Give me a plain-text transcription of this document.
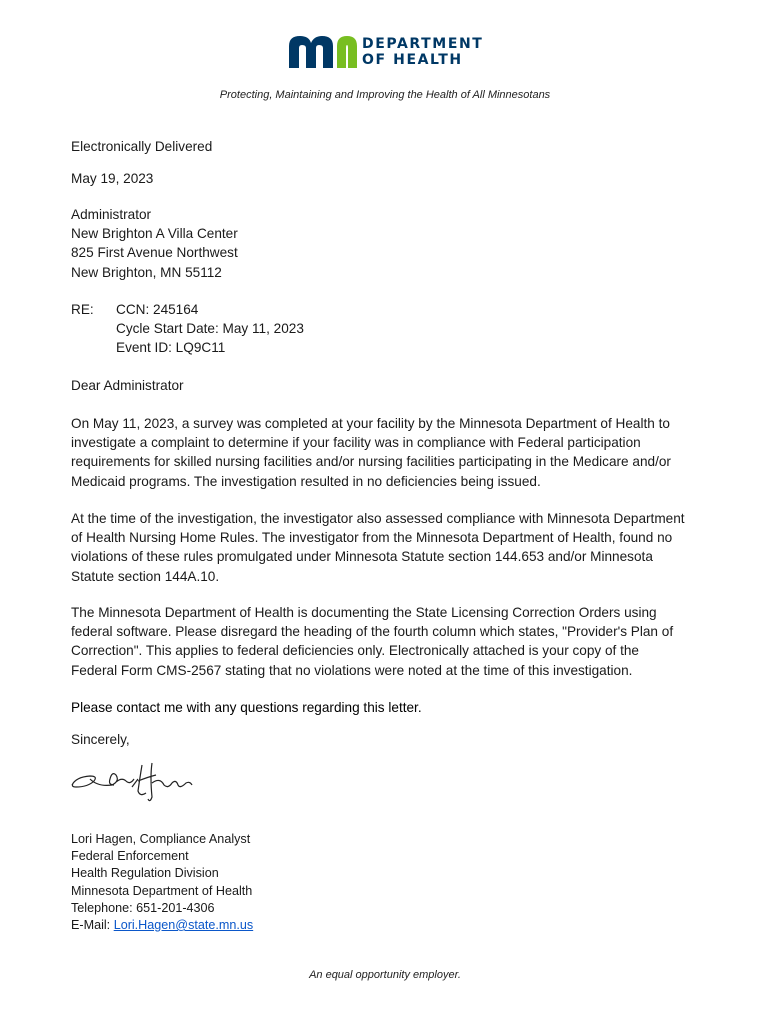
DEPARTMENT
OF HEALTH
Protecting, Maintaining and Improving the Health of All Minnesotans
Electronically Delivered
May 19, 2023
Administrator
New Brighton A Villa Center
825 First Avenue Northwest
New Brighton, MN 55112
RE: CCN: 245164
Cycle Start Date: May 11, 2023
Event ID: LQ9C11
Dear Administrator
On May 11, 2023, a survey was completed at your facility by the Minnesota Department of Health to
investigate a complaint to determine if your facility was in compliance with Federal participation
requirements for skilled nursing facilities and/or nursing facilities participating in the Medicare and/or
Medicaid programs. The investigation resulted in no deficiencies being issued.
At the time of the investigation, the investigator also assessed compliance with Minnesota Department
of Health Nursing Home Rules. The investigator from the Minnesota Department of Health, found no
violations of these rules promulgated under Minnesota Statute section 144.653 and/or Minnesota
Statute section 144A.10.
The Minnesota Department of Health is documenting the State Licensing Correction Orders using
federal software. Please disregard the heading of the fourth column which states, "Provider's Plan of
Correction". This applies to federal deficiencies only. Electronically attached is your copy of the
Federal Form CMS-2567 stating that no violations were noted at the time of this investigation.
Please contact me with any questions regarding this letter.
Sincerely,
Lori Hagen, Compliance Analyst
Federal Enforcement
Health Regulation Division
Minnesota Department of Health
Telephone: 651-201-4306
E-Mail: Lori.Hagen@state.mn.us
An equal opportunity employer.
